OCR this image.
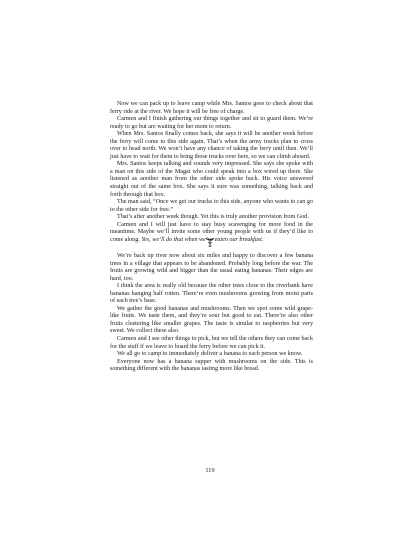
Now we can pack up to leave camp while Mrs. Santos goes to check about that ferry ride at the river. We hope it will be free of charge.

Carmen and I finish gathering our things together and sit to guard them. We’re ready to go but are waiting for her mom to return.

When Mrs. Santos finally comes back, she says it will be another week before the ferry will come to this side again. That’s when the army trucks plan to cross over to head north. We won’t have any chance of taking the ferry until then. We’ll just have to wait for them to bring those trucks over here, so we can climb aboard.

Mrs. Santos keeps talking and sounds very impressed. She says she spoke with a man on this side of the Magat who could speak into a box wired up there. She listened as another man from the other side spoke back. His voice answered straight out of the same box. She says it sure was something, talking back and forth through that box.

The man said, “Once we get our trucks to this side, anyone who wants to can go to the other side for free.”

That’s after another week though. Yet this is truly another provision from God.

Carmen and I will just have to stay busy scavenging for more food in the meantime. Maybe we’ll invite some other young people with us if they’d like to come along. Yes, we’ll do that when we’ve eaten our breakfast.

We’re back up river now about six miles and happy to discover a few banana trees in a village that appears to be abandoned. Probably long before the war. The fruits are growing wild and bigger than the usual eating bananas. Their edges are hard, too.

I think the area is really old because the other trees close to the riverbank have bananas hanging half rotten. There’re even mushrooms growing from moist parts of each tree’s base.

We gather the good bananas and mushrooms. Then we spot some wild grape-like fruits. We taste them, and they’re sour but good to eat. There’re also other fruits clustering like smaller grapes. The taste is similar to raspberries but very sweet. We collect these also.

Carmen and I see other things to pick, but we tell the others they can come back for the stuff if we leave to board the ferry before we can pick it.

We all go to camp to immediately deliver a banana to each person we know.

Everyone now has a banana supper with mushrooms on the side. This is something different with the bananas tasting more like bread.

119
